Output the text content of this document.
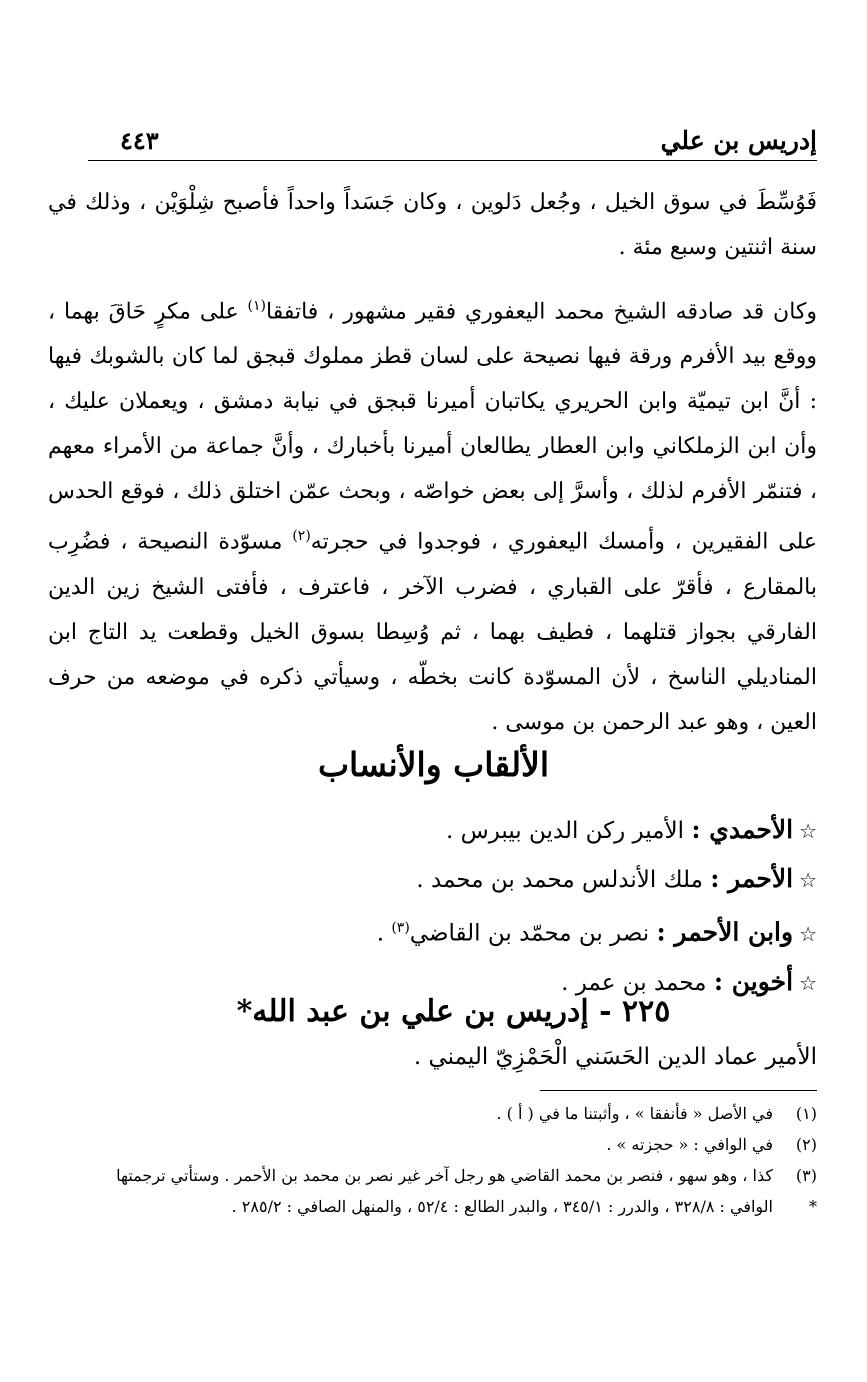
إدريس بن علي
٤٤٣

فَوُسِّطَ في سوق الخيل ، وجُعل دَلوين ، وكان جَسَداً واحداً فأصبح شِلْوَيْن ، وذلك في سنة اثنتين وسبع مئة .

وكان قد صادقه الشيخ محمد اليعفوري فقير مشهور ، فاتفقا$^{(١)}$ على مكرٍ حَاقَ بهما ، ووقع بيد الأفرم ورقة فيها نصيحة على لسان قطز مملوك قبجق لما كان بالشوبك فيها : أنَّ ابن تيميّة وابن الحريري يكاتبان أميرنا قبجق في نيابة دمشق ، ويعملان عليك ، وأن ابن الزملكاني وابن العطار يطالعان أميرنا بأخبارك ، وأنَّ جماعة من الأمراء معهم ، فتنمّر الأفرم لذلك ، وأسرَّ إلى بعض خواصّه ، وبحث عمّن اختلق ذلك ، فوقع الحدس على الفقيرين ، وأمسك اليعفوري ، فوجدوا في حجرته$^{(٢)}$ مسوّدة النصيحة ، فضُرِب بالمقارع ، فأقرّ على القباري ، فضرب الآخر ، فاعترف ، فأفتى الشيخ زين الدين الفارقي بجواز قتلهما ، فطيف بهما ، ثم وُسِطا بسوق الخيل وقطعت يد التاج ابن المناديلي الناسخ ، لأن المسوّدة كانت بخطّه ، وسيأتي ذكره في موضعه من حرف العين ، وهو عبد الرحمن بن موسى .

الألقاب والأنساب

☆الأحمدي : الأمير ركن الدين بيبرس .

☆الأحمر : ملك الأندلس محمد بن محمد .

☆وابن الأحمر : نصر بن محمّد بن القاضي$^{(٣)}$ .

☆أخوين : محمد بن عمر .

٢٢٥ - إدريس بن علي بن عبد الله*

الأمير عماد الدين الحَسَني الْحَمْزِيّ اليمني .

(١)في الأصل « فأنفقا » ، وأثبتنا ما في ( أ ) .

(٢)في الوافي : « حجزته » .

(٣)كذا ، وهو سهو ، فنصر بن محمد القاضي هو رجل آخر غير نصر بن محمد بن الأحمر . وستأتي ترجمتها

*الوافي : ٣٢٨/٨ ، والدرر : ٣٤٥/١ ، والبدر الطالع : ٥٢/٤ ، والمنهل الصافي : ٢٨٥/٢ .
